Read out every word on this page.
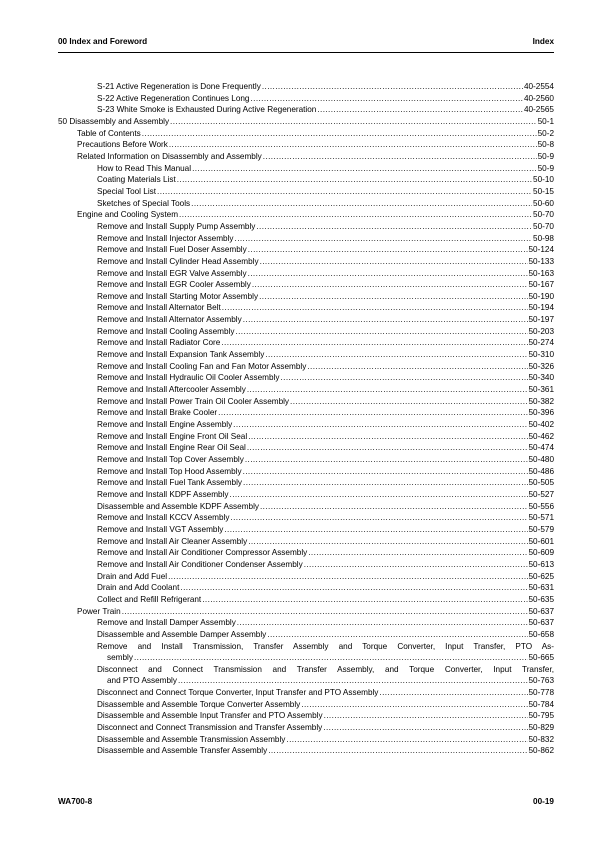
00 Index and Foreword	Index
S-21 Active Regeneration is Done Frequently .....	40-2554
S-22 Active Regeneration Continues Long .....	40-2560
S-23 White Smoke is Exhausted During Active Regeneration .....	40-2565
50 Disassembly and Assembly .....	50-1
Table of Contents .....	50-2
Precautions Before Work .....	50-8
Related Information on Disassembly and Assembly .....	50-9
How to Read This Manual .....	50-9
Coating Materials List .....	50-10
Special Tool List .....	50-15
Sketches of Special Tools .....	50-60
Engine and Cooling System .....	50-70
Remove and Install Supply Pump Assembly .....	50-70
Remove and Install Injector Assembly .....	50-98
Remove and Install Fuel Doser Assembly .....	50-124
Remove and Install Cylinder Head Assembly .....	50-133
Remove and Install EGR Valve Assembly .....	50-163
Remove and Install EGR Cooler Assembly .....	50-167
Remove and Install Starting Motor Assembly .....	50-190
Remove and Install Alternator Belt .....	50-194
Remove and Install Alternator Assembly .....	50-197
Remove and Install Cooling Assembly .....	50-203
Remove and Install Radiator Core .....	50-274
Remove and Install Expansion Tank Assembly .....	50-310
Remove and Install Cooling Fan and Fan Motor Assembly .....	50-326
Remove and Install Hydraulic Oil Cooler Assembly .....	50-340
Remove and Install Aftercooler Assembly .....	50-361
Remove and Install Power Train Oil Cooler Assembly .....	50-382
Remove and Install Brake Cooler .....	50-396
Remove and Install Engine Assembly .....	50-402
Remove and Install Engine Front Oil Seal .....	50-462
Remove and Install Engine Rear Oil Seal .....	50-474
Remove and Install Top Cover Assembly .....	50-480
Remove and Install Top Hood Assembly .....	50-486
Remove and Install Fuel Tank Assembly .....	50-505
Remove and Install KDPF Assembly .....	50-527
Disassemble and Assemble KDPF Assembly .....	50-556
Remove and Install KCCV Assembly .....	50-571
Remove and Install VGT Assembly .....	50-579
Remove and Install Air Cleaner Assembly .....	50-601
Remove and Install Air Conditioner Compressor Assembly .....	50-609
Remove and Install Air Conditioner Condenser Assembly .....	50-613
Drain and Add Fuel .....	50-625
Drain and Add Coolant .....	50-631
Collect and Refill Refrigerant .....	50-635
Power Train .....	50-637
Remove and Install Damper Assembly .....	50-637
Disassemble and Assemble Damper Assembly .....	50-658
Remove and Install Transmission, Transfer Assembly and Torque Converter, Input Transfer, PTO As-
sembly .....	50-665
Disconnect and Connect Transmission and Transfer Assembly, and Torque Converter, Input Transfer,
and PTO Assembly .....	50-763
Disconnect and Connect Torque Converter, Input Transfer and PTO Assembly .....	50-778
Disassemble and Assemble Torque Converter Assembly .....	50-784
Disassemble and Assemble Input Transfer and PTO Assembly .....	50-795
Disconnect and Connect Transmission and Transfer Assembly .....	50-829
Disassemble and Assemble Transmission Assembly .....	50-832
Disassemble and Assemble Transfer Assembly .....	50-862
WA700-8	00-19
